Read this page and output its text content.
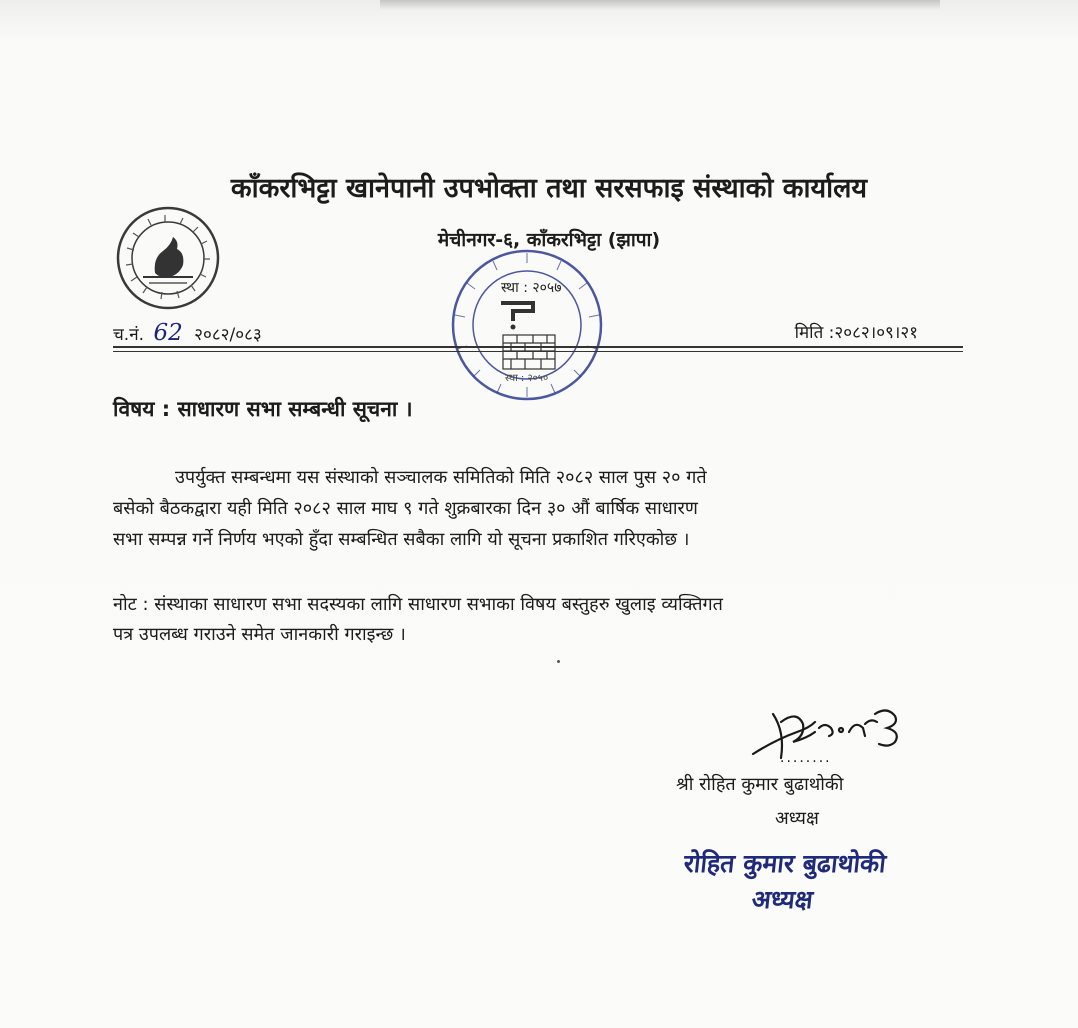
काँकरभिट्टा खानेपानी उपभोक्ता तथा सरसफाइ संस्थाको कार्यालय
मेचीनगर-६, काँकरभिट्टा (झापा)
स्था : २०५७
स्था : २०५०
च.नं. 62 २०८२/०८३	मिति :२०८२।०९।२१
विषय : साधारण सभा सम्बन्धी सूचना ।
उपर्युक्त सम्बन्धमा यस संस्थाको सञ्चालक समितिको मिति २०८२ साल पुस २० गते
बसेको बैठकद्वारा यही मिति २०८२ साल माघ ९ गते शुक्रबारका दिन ३० औं बार्षिक साधारण
सभा सम्पन्न गर्ने निर्णय भएको हुँदा सम्बन्धित सबैका लागि यो सूचना प्रकाशित गरिएकोछ ।
नोट : संस्थाका साधारण सभा सदस्यका लागि साधारण सभाका विषय बस्तुहरु खुलाइ व्यक्तिगत
पत्र उपलब्ध गराउने समेत जानकारी गराइन्छ ।
........
श्री रोहित कुमार बुढाथोकी
अध्यक्ष
रोहित कुमार बुढाथोकी
अध्यक्ष
